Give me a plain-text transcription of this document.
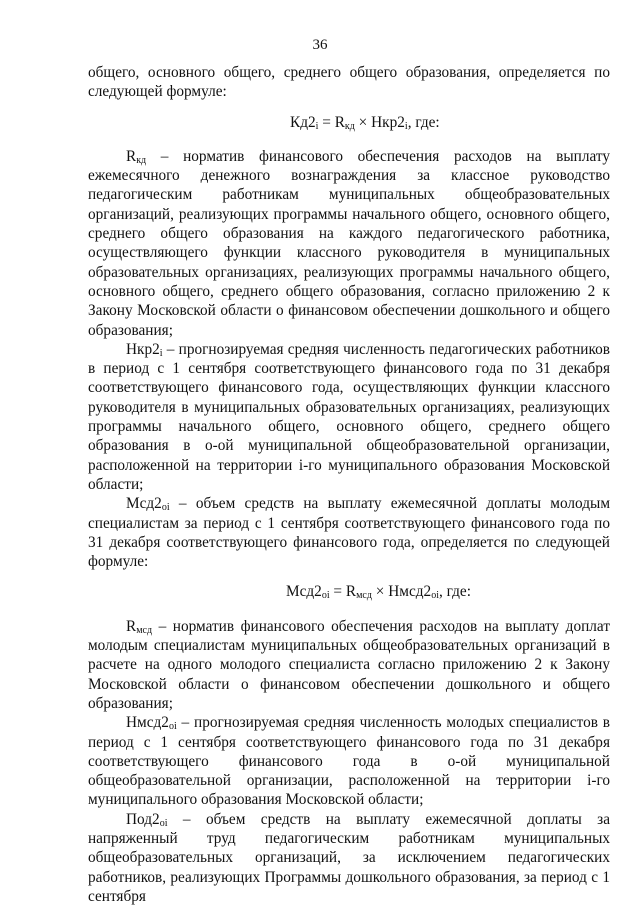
36

общего, основного общего, среднего общего образования, определяется по следующей формуле:

$Кд2_i = R_{кд} \times Нкр2_i$, где:

$R_{кд}$ – норматив финансового обеспечения расходов на выплату ежемесячного денежного вознаграждения за классное руководство педагогическим работникам муниципальных общеобразовательных организаций, реализующих программы начального общего, основного общего, среднего общего образования на каждого педагогического работника, осуществляющего функции классного руководителя в муниципальных образовательных организациях, реализующих программы начального общего, основного общего, среднего общего образования, согласно приложению 2 к Закону Московской области о финансовом обеспечении дошкольного и общего образования;

$Нкр2_i$ – прогнозируемая средняя численность педагогических работников в период с 1 сентября соответствующего финансового года по 31 декабря соответствующего финансового года, осуществляющих функции классного руководителя в муниципальных образовательных организациях, реализующих программы начального общего, основного общего, среднего общего образования в о-ой муниципальной общеобразовательной организации, расположенной на территории i-го муниципального образования Московской области;

$Мсд2_{oi}$ – объем средств на выплату ежемесячной доплаты молодым специалистам за период с 1 сентября соответствующего финансового года по 31 декабря соответствующего финансового года, определяется по следующей формуле:

$Мсд2_{oi} = R_{мсд}$ × $Нмсд2_{oi}$, где:

$R_{мсд}$ – норматив финансового обеспечения расходов на выплату доплат молодым специалистам муниципальных общеобразовательных организаций в расчете на одного молодого специалиста согласно приложению 2 к Закону Московской области о финансовом обеспечении дошкольного и общего образования;

$Нмсд2_{oi}$ – прогнозируемая средняя численность молодых специалистов в период с 1 сентября соответствующего финансового года по 31 декабря соответствующего финансового года в о-ой муниципальной общеобразовательной организации, расположенной на территории i-го муниципального образования Московской области;

$Под2_{oi}$ – объем средств на выплату ежемесячной доплаты за напряженный труд педагогическим работникам муниципальных общеобразовательных организаций, за исключением педагогических работников, реализующих Программы дошкольного образования, за период с 1 сентября
